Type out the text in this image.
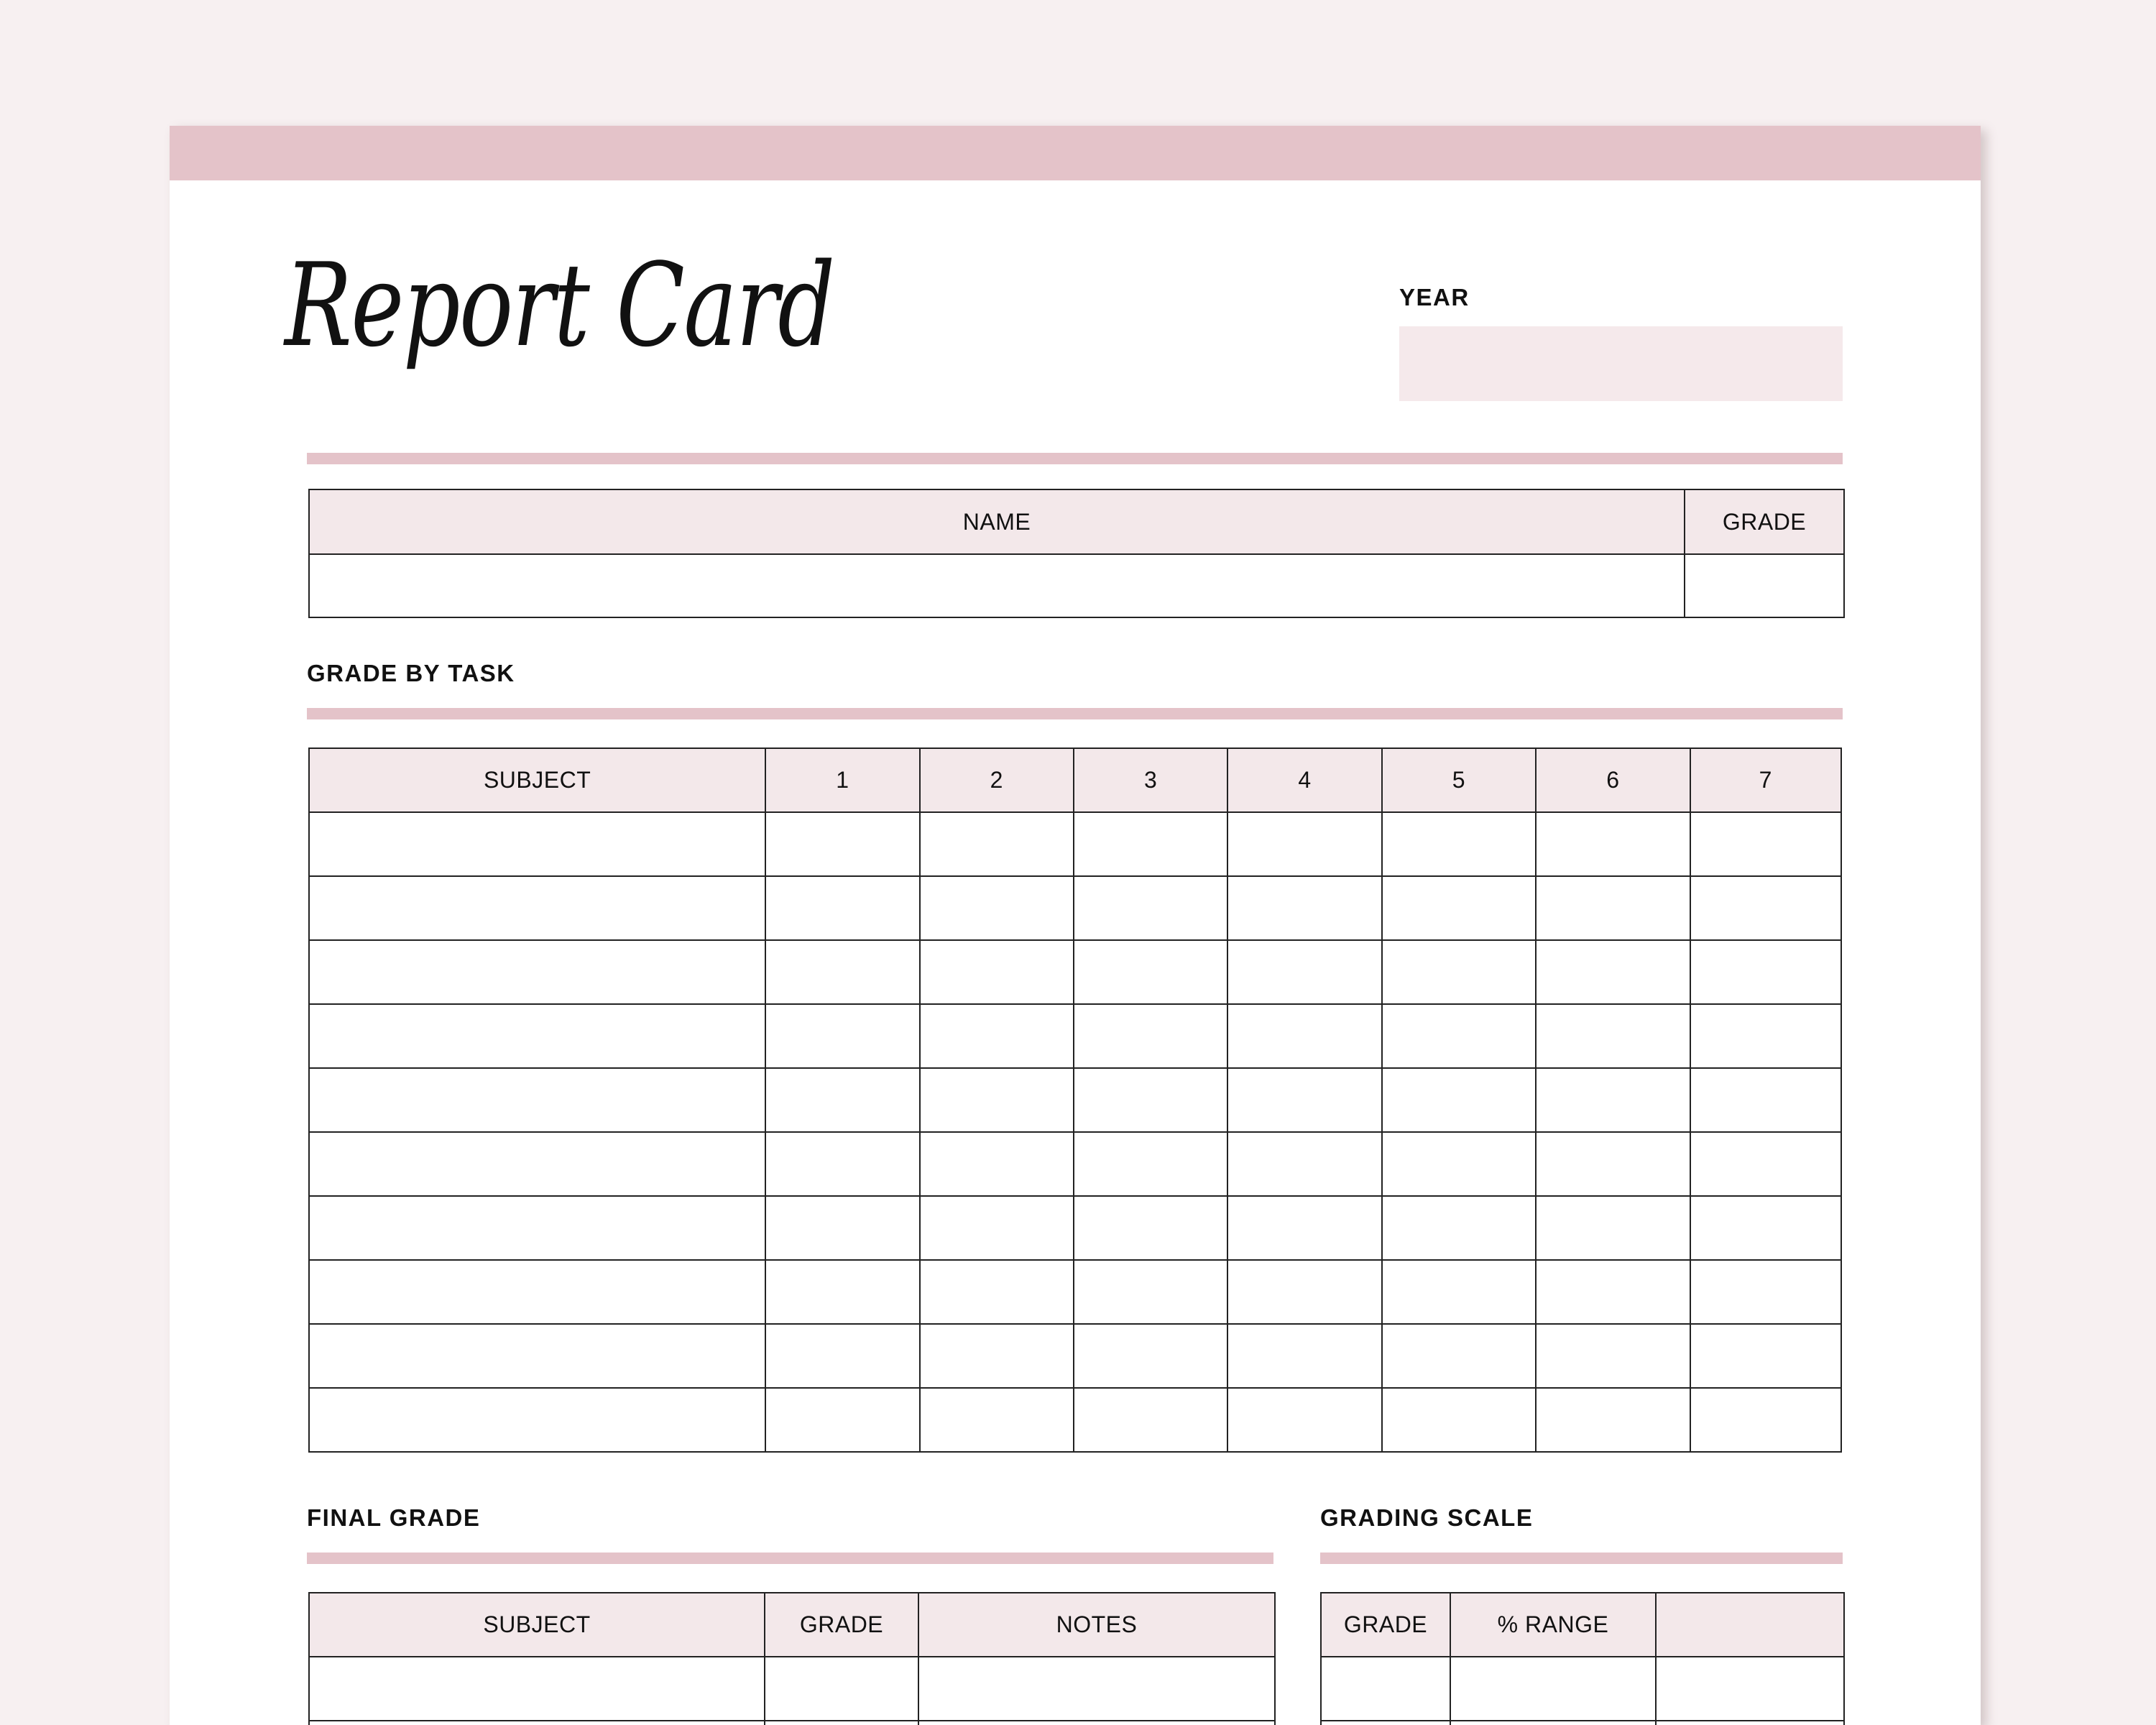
Report Card	YEAR

NAME	GRADE

GRADE BY TASK

SUBJECT	1	2	3	4	5	6	7

FINAL GRADE	GRADING SCALE

SUBJECT	GRADE	NOTES

			GRADE	% RANGE	
